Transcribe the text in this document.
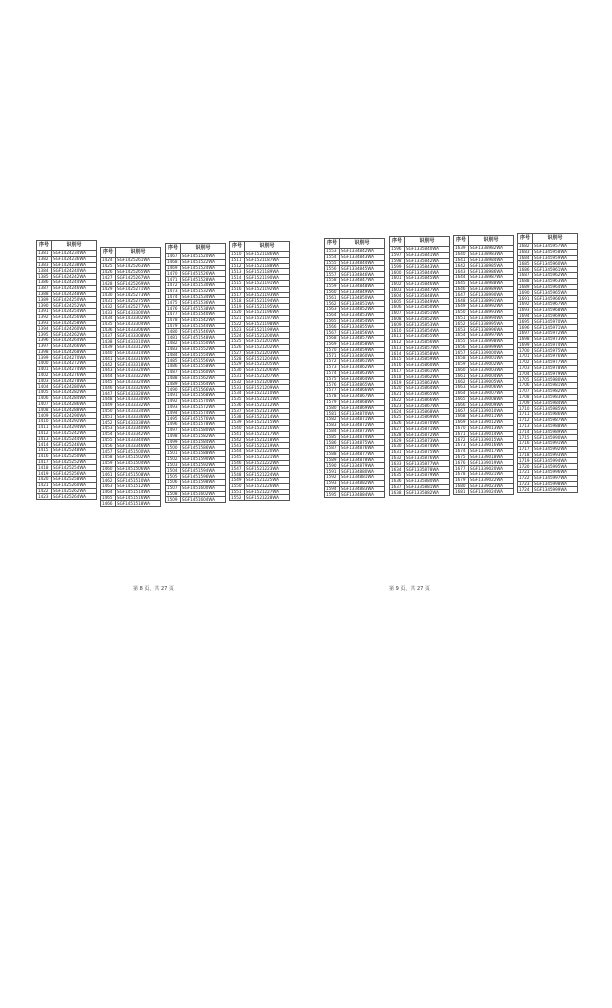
序号	识别号
1381	SGF1424234WA
1382	SGF1424236WA
1383	SGF1424238WA
1384	SGF1424240WA
1385	SGF1424242WA
1386	SGF1424244WA
1387	SGF1424246WA
1388	SGF1424248WA
1389	SGF1424250WA
1390	SGF1424252WA
1391	SGF1424254WA
1392	SGF1424256WA
1393	SGF1424258WA
1394	SGF1424260WA
1395	SGF1424262WA
1396	SGF1424264WA
1397	SGF1424266WA
1398	SGF1424268WA
1399	SGF1424270WA
1400	SGF1424272WA
1401	SGF1424274WA
1402	SGF1424276WA
1403	SGF1424278WA
1404	SGF1424280WA
1405	SGF1424282WA
1406	SGF1424284WA
1407	SGF1424286WA
1408	SGF1424288WA
1409	SGF1424290WA
1410	SGF1424292WA
1411	SGF1424294WA
1412	SGF1425242WA
1413	SGF1425244WA
1414	SGF1425246WA
1415	SGF1425248WA
1416	SGF1425250WA
1417	SGF1425252WA
1418	SGF1425254WA
1419	SGF1425256WA
1420	SGF1425258WA
1421	SGF1425260WA
1422	SGF1425262WA
1423	SGF1425264WA
序号	识别号
1424	SGF1425261WA
1425	SGF1425263WA
1426	SGF1425265WA
1427	SGF1425267WA
1428	SGF1425269WA
1429	SGF1425271WA
1430	SGF1425273WA
1431	SGF1425275WA
1432	SGF1425277WA
1433	SGF1433300WA
1434	SGF1433302WA
1435	SGF1433304WA
1436	SGF1433306WA
1437	SGF1433308WA
1438	SGF1433310WA
1439	SGF1433312WA
1440	SGF1433314WA
1441	SGF1433316WA
1442	SGF1433318WA
1443	SGF1433320WA
1444	SGF1433322WA
1445	SGF1433324WA
1446	SGF1433326WA
1447	SGF1433328WA
1448	SGF1433330WA
1449	SGF1433332WA
1450	SGF1433334WA
1451	SGF1433336WA
1452	SGF1433338WA
1453	SGF1433340WA
1454	SGF1433342WA
1455	SGF1433344WA
1456	SGF1433346WA
1457	SGF1451500WA
1458	SGF1451502WA
1459	SGF1451504WA
1460	SGF1451506WA
1461	SGF1451508WA
1462	SGF1451510WA
1463	SGF1451512WA
1464	SGF1451514WA
1465	SGF1451516WA
1466	SGF1451518WA
序号	识别号
1467	SGF1451520WA
1468	SGF1451522WA
1469	SGF1451524WA
1470	SGF1451526WA
1471	SGF1451528WA
1472	SGF1451530WA
1473	SGF1451532WA
1474	SGF1451534WA
1475	SGF1451536WA
1476	SGF1451538WA
1477	SGF1451540WA
1478	SGF1451542WA
1479	SGF1451544WA
1480	SGF1451546WA
1481	SGF1451548WA
1482	SGF1451550WA
1483	SGF1451552WA
1484	SGF1451554WA
1485	SGF1451556WA
1486	SGF1451558WA
1487	SGF1451560WA
1488	SGF1451562WA
1489	SGF1451564WA
1490	SGF1451566WA
1491	SGF1451568WA
1492	SGF1451570WA
1493	SGF1451572WA
1494	SGF1451574WA
1495	SGF1451576WA
1496	SGF1451578WA
1497	SGF1451580WA
1498	SGF1451582WA
1499	SGF1451584WA
1500	SGF1451586WA
1501	SGF1451588WA
1502	SGF1451590WA
1503	SGF1451592WA
1504	SGF1451594WA
1505	SGF1451596WA
1506	SGF1451598WA
1507	SGF1451600WA
1508	SGF1451602WA
1509	SGF1451604WA
序号	识别号
1510	SGF1521186WA
1511	SGF1521187WA
1512	SGF1521188WA
1513	SGF1521189WA
1514	SGF1521190WA
1515	SGF1521191WA
1516	SGF1521192WA
1517	SGF1521193WA
1518	SGF1521194WA
1519	SGF1521195WA
1520	SGF1521196WA
1521	SGF1521197WA
1522	SGF1521198WA
1523	SGF1521199WA
1524	SGF1521200WA
1525	SGF1521201WA
1526	SGF1521202WA
1527	SGF1521203WA
1528	SGF1521204WA
1529	SGF1521205WA
1530	SGF1521206WA
1531	SGF1521207WA
1532	SGF1521208WA
1533	SGF1521209WA
1534	SGF1521210WA
1535	SGF1521211WA
1536	SGF1521212WA
1537	SGF1521213WA
1538	SGF1521214WA
1539	SGF1521215WA
1540	SGF1521216WA
1541	SGF1521217WA
1542	SGF1521218WA
1543	SGF1521219WA
1544	SGF1521220WA
1545	SGF1521221WA
1546	SGF1521222WA
1547	SGF1521223WA
1548	SGF1521224WA
1549	SGF1521225WA
1550	SGF1521226WA
1551	SGF1521227WA
1552	SGF1521228WA
第 8 页，共 27 页
序号	识别号
1553	SGF1334842WA
1554	SGF1334843WA
1555	SGF1334844WA
1556	SGF1334845WA
1557	SGF1334846WA
1558	SGF1334847WA
1559	SGF1334848WA
1560	SGF1334849WA
1561	SGF1334850WA
1562	SGF1334851WA
1563	SGF1334852WA
1564	SGF1334853WA
1565	SGF1334854WA
1566	SGF1334855WA
1567	SGF1334856WA
1568	SGF1334857WA
1569	SGF1334858WA
1570	SGF1334859WA
1571	SGF1334860WA
1572	SGF1334861WA
1573	SGF1334862WA
1574	SGF1334863WA
1575	SGF1334864WA
1576	SGF1334865WA
1577	SGF1334866WA
1578	SGF1334867WA
1579	SGF1334868WA
1580	SGF1334869WA
1581	SGF1334870WA
1582	SGF1334871WA
1583	SGF1334872WA
1584	SGF1334873WA
1585	SGF1334874WA
1586	SGF1334875WA
1587	SGF1334876WA
1588	SGF1334877WA
1589	SGF1334878WA
1590	SGF1334879WA
1591	SGF1334880WA
1592	SGF1334881WA
1593	SGF1334882WA
1594	SGF1334883WA
1595	SGF1334884WA
序号	识别号
1596	SGF1335840WA
1597	SGF1335841WA
1598	SGF1335842WA
1599	SGF1335843WA
1600	SGF1335844WA
1601	SGF1335845WA
1602	SGF1335846WA
1603	SGF1335847WA
1604	SGF1335848WA
1605	SGF1335849WA
1606	SGF1335850WA
1607	SGF1335851WA
1608	SGF1335852WA
1609	SGF1335853WA
1610	SGF1335854WA
1611	SGF1335855WA
1612	SGF1335856WA
1613	SGF1335857WA
1614	SGF1335858WA
1615	SGF1335859WA
1616	SGF1335860WA
1617	SGF1335861WA
1618	SGF1335862WA
1619	SGF1335863WA
1620	SGF1335864WA
1621	SGF1335865WA
1622	SGF1335866WA
1623	SGF1335867WA
1624	SGF1335868WA
1625	SGF1335869WA
1626	SGF1335870WA
1627	SGF1335871WA
1628	SGF1335872WA
1629	SGF1335873WA
1630	SGF1335874WA
1631	SGF1335875WA
1632	SGF1335876WA
1633	SGF1335877WA
1634	SGF1335878WA
1635	SGF1335879WA
1636	SGF1335880WA
1637	SGF1335881WA
1638	SGF1335882WA
序号	识别号
1639	SGF1338982WA
1640	SGF1338983WA
1641	SGF1338984WA
1642	SGF1338985WA
1643	SGF1338986WA
1644	SGF1338987WA
1645	SGF1338988WA
1646	SGF1338989WA
1647	SGF1338990WA
1648	SGF1338991WA
1649	SGF1338992WA
1650	SGF1338993WA
1651	SGF1338994WA
1652	SGF1338995WA
1653	SGF1338996WA
1654	SGF1338997WA
1655	SGF1338998WA
1656	SGF1338999WA
1657	SGF1339000WA
1658	SGF1339001WA
1659	SGF1339002WA
1660	SGF1339003WA
1661	SGF1339004WA
1662	SGF1339005WA
1663	SGF1339006WA
1664	SGF1339007WA
1665	SGF1339008WA
1666	SGF1339009WA
1667	SGF1339010WA
1668	SGF1339011WA
1669	SGF1339012WA
1670	SGF1339013WA
1671	SGF1339014WA
1672	SGF1339015WA
1673	SGF1339016WA
1674	SGF1339017WA
1675	SGF1339018WA
1676	SGF1339019WA
1677	SGF1339020WA
1678	SGF1339021WA
1679	SGF1339022WA
1680	SGF1339023WA
1681	SGF1339024WA
序号	识别号
1682	SGF1345957WA
1683	SGF1345958WA
1684	SGF1345959WA
1685	SGF1345960WA
1686	SGF1345961WA
1687	SGF1345962WA
1688	SGF1345963WA
1689	SGF1345964WA
1690	SGF1345965WA
1691	SGF1345966WA
1692	SGF1345967WA
1693	SGF1345968WA
1694	SGF1345969WA
1695	SGF1345970WA
1696	SGF1345971WA
1697	SGF1345972WA
1698	SGF1345973WA
1699	SGF1345974WA
1700	SGF1345975WA
1701	SGF1345976WA
1702	SGF1345977WA
1703	SGF1345978WA
1704	SGF1345979WA
1705	SGF1345980WA
1706	SGF1345981WA
1707	SGF1345982WA
1708	SGF1345983WA
1709	SGF1345984WA
1710	SGF1345985WA
1711	SGF1345986WA
1712	SGF1345987WA
1713	SGF1345988WA
1714	SGF1345989WA
1715	SGF1345990WA
1716	SGF1345991WA
1717	SGF1345992WA
1718	SGF1345993WA
1719	SGF1345994WA
1720	SGF1345995WA
1721	SGF1345996WA
1722	SGF1345997WA
1723	SGF1345998WA
1724	SGF1345999WA
第 9 页，共 27 页
